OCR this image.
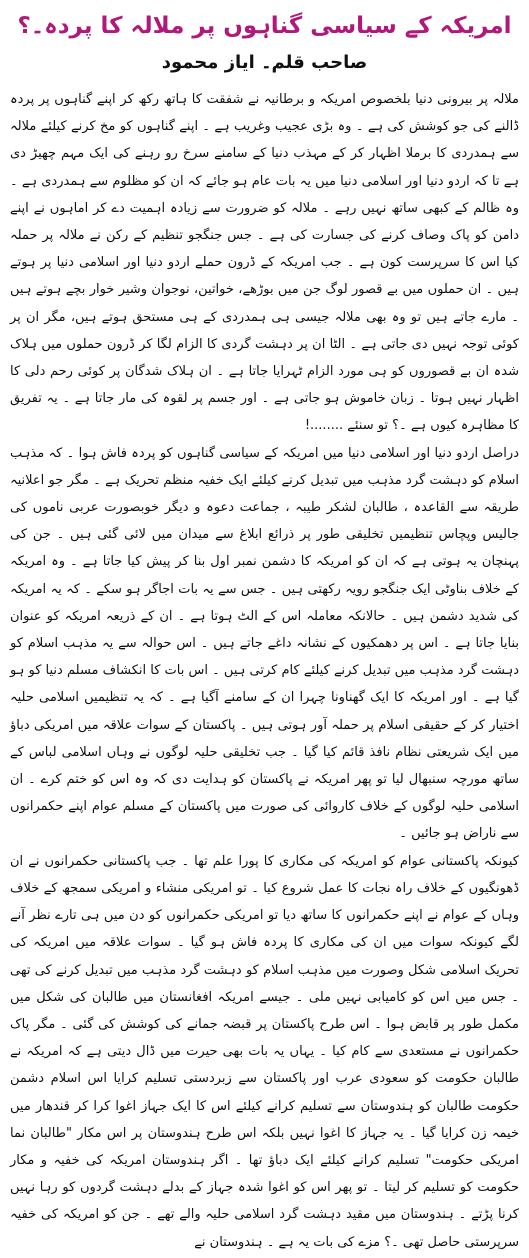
امریکہ کے سیاسی گناہوں پر ملالہ کا پردہ۔؟
صاحب قلم۔ ایاز محمود

ملالہ پر بیرونی دنیا بلخصوص امریکہ و برطانیہ نے شفقت کا ہاتھ رکھ کر اپنے گناہوں پر پردہ ڈالنے کی جو کوشش کی ہے ۔ وہ بڑی عجیب وغریب ہے ۔ اپنے گناہوں کو مخ کرنے کیلئے ملالہ سے ہمدردی کا برملا اظہار کر کے مہذب دنیا کے سامنے سرخ رو رہنے کی ایک مہم چھیڑ دی ہے تا کہ اردو دنیا اور اسلامی دنیا میں یہ بات عام ہو جائے کہ ان کو مظلوم سے ہمدردی ہے ۔ وہ ظالم کے کبھی ساتھ نہیں رہے ۔ ملالہ کو ضرورت سے زیادہ اہمیت دے کر اماہوں نے اپنے دامن کو پاک وصاف کرنے کی جسارت کی ہے ۔ جس جنگجو تنظیم کے رکن نے ملالہ پر حملہ کیا اس کا سرپرست کون ہے ۔ جب امریکہ کے ڈرون حملے اردو دنیا اور اسلامی دنیا پر ہوتے ہیں ۔ ان حملوں میں بے قصور لوگ جن میں بوڑھے، خواتین، نوجوان وشیر خوار بچے ہوتے ہیں ۔ مارے جاتے ہیں تو وہ بھی ملالہ جیسی ہی ہمدردی کے ہی مستحق ہوتے ہیں، مگر ان پر کوئی توجہ نہیں دی جاتی ہے ۔ الٹا ان پر دہشت گردی کا الزام لگا کر ڈرون حملوں میں ہلاک شدہ ان بے قصوروں کو ہی مورد الزام ٹہرایا جاتا ہے ۔ ان ہلاک شدگان پر کوئی رحم دلی کا اظہار نہیں ہوتا ۔ زبان خاموش ہو جاتی ہے ۔ اور جسم پر لقوہ کی مار جاتا ہے ۔ یہ تفریق کا مظاہرہ کیوں ہے ۔؟ تو سنئے ........!

دراصل اردو دنیا اور اسلامی دنیا میں امریکہ کے سیاسی گناہوں کو پردہ فاش ہوا ۔ کہ مذہب اسلام کو دہشت گرد مذہب میں تبدیل کرنے کیلئے ایک خفیہ منظم تحریک ہے ۔ مگر جو اعلانیہ طریقہ سے القاعدہ ، طالبان لشکر طیبہ ، جماعت دعوہ و دیگر خوبصورت عربی ناموں کی جالیس وپچاس تنظیمیں تخلیقی طور پر ذرائع ابلاغ سے میدان میں لائی گئی ہیں ۔ جن کی پہنچان یہ ہوتی ہے کہ ان کو امریکہ کا دشمن نمبر اول بنا کر پیش کیا جاتا ہے ۔ وہ امریکہ کے خلاف بناوٹی ایک جنگجو رویہ رکھتی ہیں ۔ جس سے یہ بات اجاگر ہو سکے ۔ کہ یہ امریکہ کی شدید دشمن ہیں ۔ حالانکہ معاملہ اس کے الٹ ہوتا ہے ۔ ان کے ذریعہ امریکہ کو عنوان بنایا جاتا ہے ۔ اس پر دھمکیوں کے نشانہ داغے جاتے ہیں ۔ اس حوالہ سے یہ مذہب اسلام کو دہشت گرد مذہب میں تبدیل کرنے کیلئے کام کرتی ہیں ۔ اس بات کا انکشاف مسلم دنیا کو ہو گیا ہے ۔ اور امریکہ کا ایک گھناونا چہرا ان کے سامنے آگیا ہے ۔ کہ یہ تنظیمیں اسلامی حلیہ اختیار کر کے حقیقی اسلام پر حملہ آور ہوتی ہیں ۔ پاکستان کے سوات علاقہ میں امریکی دباؤ میں ایک شریعتی نظام نافذ قائم کیا گیا ۔ جب تخلیقی حلیہ لوگوں نے وہاں اسلامی لباس کے ساتھ مورچہ سنبھال لیا تو پھر امریکہ نے پاکستان کو ہدایت دی کہ وہ اس کو ختم کرے ۔ ان اسلامی حلیہ لوگوں کے خلاف کاروائی کی صورت میں پاکستان کے مسلم عوام اپنے حکمرانوں سے ناراض ہو جائیں ۔

کیونکہ پاکستانی عوام کو امریکہ کی مکاری کا پورا علم تھا ۔ جب پاکستانی حکمرانوں نے ان ڈھونگیوں کے خلاف راہ نجات کا عمل شروع کیا ۔ تو امریکی منشاء و امریکی سمجھ کے خلاف وہاں کے عوام نے اپنے حکمرانوں کا ساتھ دیا تو امریکی حکمرانوں کو دن میں ہی تارے نظر آنے لگے کیونکہ سوات میں ان کی مکاری کا پردہ فاش ہو گیا ۔ سوات علاقہ میں امریکہ کی تحریک اسلامی شکل وصورت میں مذہب اسلام کو دہشت گرد مذہب میں تبدیل کرنے کی تھی ۔ جس میں اس کو کامیابی نہیں ملی ۔ جیسے امریکہ افغانستان میں طالبان کی شکل میں مکمل طور پر قابض ہوا ۔ اس طرح پاکستان پر قبضہ جمانے کی کوشش کی گئی ۔ مگر پاک حکمرانوں نے مستعدی سے کام کیا ۔ یہاں یہ بات بھی حیرت میں ڈال دیتی ہے کہ امریکہ نے طالبان حکومت کو سعودی عرب اور پاکستان سے زبردستی تسلیم کرایا اس اسلام دشمن حکومت طالبان کو ہندوستان سے تسلیم کرانے کیلئے اس کا ایک جہاز اغوا کرا کر قندھار میں خیمہ زن کرایا گیا ۔ یہ جہاز کا اغوا نہیں بلکہ اس طرح ہندوستان پر اس مکار "طالبان نما امریکی حکومت" تسلیم کرانے کیلئے ایک دباؤ تھا ۔ اگر ہندوستان امریکہ کی خفیہ و مکار حکومت کو تسلیم کر لیتا ۔ تو پھر اس کو اغوا شدہ جہاز کے بدلے دہشت گردوں کو رہا نہیں کرنا پڑتے ۔ ہندوستان میں مقید دہشت گرد اسلامی حلیہ والے تھے ۔ جن کو امریکہ کی خفیہ سرپرستی حاصل تھی ۔؟ مزے کی بات یہ ہے ۔ ہندوستان نے
